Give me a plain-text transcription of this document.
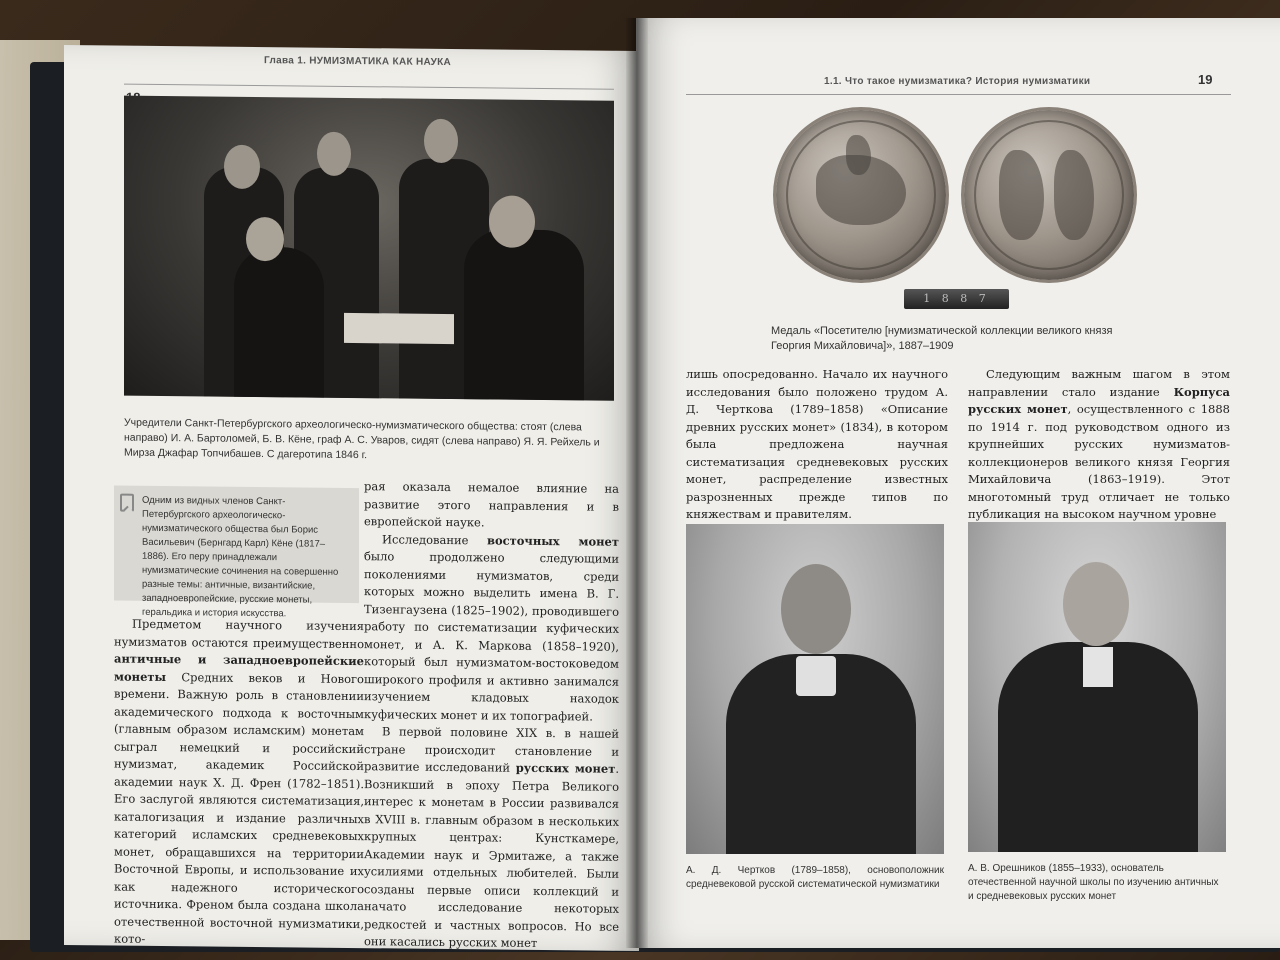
Глава 1. НУМИЗМАТИКА КАК НАУКА
Учредители Санкт-Петербургского археологическо-нумизматического общества: стоят (слева направо) И. А. Бартоломей, Б. В. Кёне, граф А. С. Уваров, сидят (слева направо) Я. Я. Рейхель и Мирза Джафар Топчибашев. С дагеротипа 1846 г.
Одним из видных членов Санкт-Петербургского археологическо-нумизматического общества был Борис Васильевич (Бернгард Карл) Кёне (1817–1886). Его перу принадлежали нумизматические сочинения на совершенно разные темы: античные, византийские, западноевропейские, русские монеты, геральдика и история искусства.

Предметом научного изучения нумизматов остаются преимущественно античные и западноевропейские монеты Средних веков и Нового времени. Важную роль в становлении академического подхода к восточным (главным образом исламским) монетам сыграл немецкий и российский нумизмат, академик Российской академии наук Х. Д. Френ (1782–1851). Его заслугой являются систематизация, каталогизация и издание различных категорий исламских средневековых монет, обращавшихся на территории Восточной Европы, и использование их как надежного исторического источника. Френом была создана школа отечественной восточной нумизматики, кото-

рая оказала немалое влияние на развитие этого направления и в европейской науке.

Исследование восточных монет было продолжено следующими поколениями нумизматов, среди которых можно выделить имена В. Г. Тизенгаузена (1825–1902), проводившего работу по систематизации куфических монет, и А. К. Маркова (1858–1920), который был нумизматом-востоковедом широкого профиля и активно занимался изучением кладовых находок куфических монет и их топографией.

В первой половине XIX в. в нашей стране происходит становление и развитие исследований русских монет. Возникший в эпоху Петра Великого интерес к монетам в России развивался в XVIII в. главным образом в нескольких крупных центрах: Кунсткамере, Академии наук и Эрмитаже, а также усилиями отдельных любителей. Были созданы первые описи коллекций и начато исследование некоторых редкостей и частных вопросов. Но все они касались русских монет

1.1. Что такое нумизматика? История нумизматики	19
1 8 8 7
Медаль «Посетителю [нумизматической коллекции великого князя Георгия Михайловича]», 1887–1909

лишь опосредованно. Начало их научного исследования было положено трудом А. Д. Черткова (1789–1858) «Описание древних русских монет» (1834), в котором была предложена научная систематизация средневековых русских монет, распределение известных разрозненных прежде типов по княжествам и правителям.

Следующим важным шагом в этом направлении стало издание Корпуса русских монет, осуществленного с 1888 по 1914 г. под руководством одного из крупнейших русских нумизматов-коллекционеров великого князя Георгия Михайловича (1863–1919). Этот многотомный труд отличает не только публикация на высоком научном уровне

А. Д. Чертков (1789–1858), основоположник средневековой русской систематической нумизматики
А. В. Орешников (1855–1933), основатель отечественной научной школы по изучению античных и средневековых русских монет
